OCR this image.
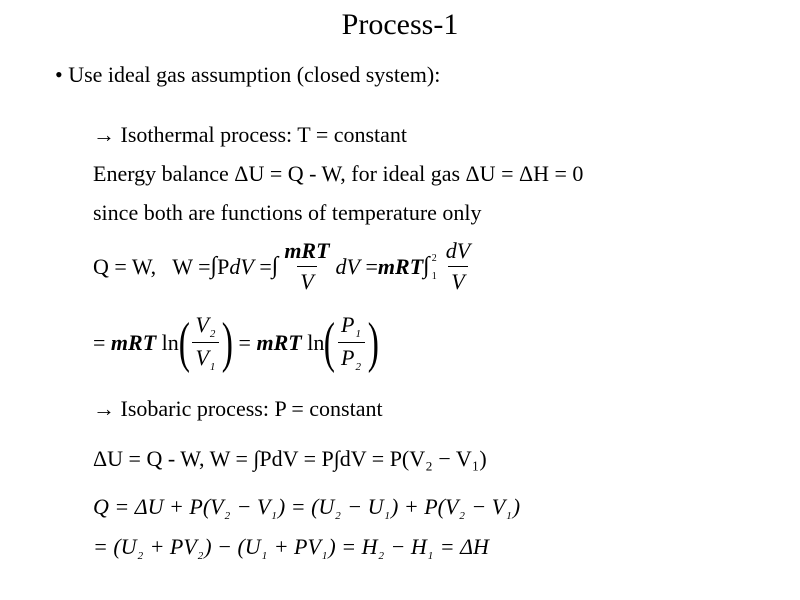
Process-1
• Use ideal gas assumption (closed system):
→ Isothermal process: T = constant
Energy balance ΔU = Q - W, for ideal gas ΔU = ΔH = 0
since both are functions of temperature only
Q = W,   W = ∫ P dV = ∫ $\frac{\text{mRT}}{V}$ dV = mRT ∫ 2
$1 \frac{dV}{V}$
= mRT ln ( $\frac{V_2}{V_1}$ ) = mRT ln ( $\frac{P_1}{P_2}$ )
→ Isobaric process: P = constant
ΔU = Q - W, W = ∫PdV = P∫dV = P(V₂ − V₁)
$Q = \Delta U + P(V_2 - V_1) = (U_2 - U_1) + P(V_2 - V_1)$
= $(U_2 + PV_2) - (U_1 + PV_1) = H_2 - H_1 = \Delta H$
